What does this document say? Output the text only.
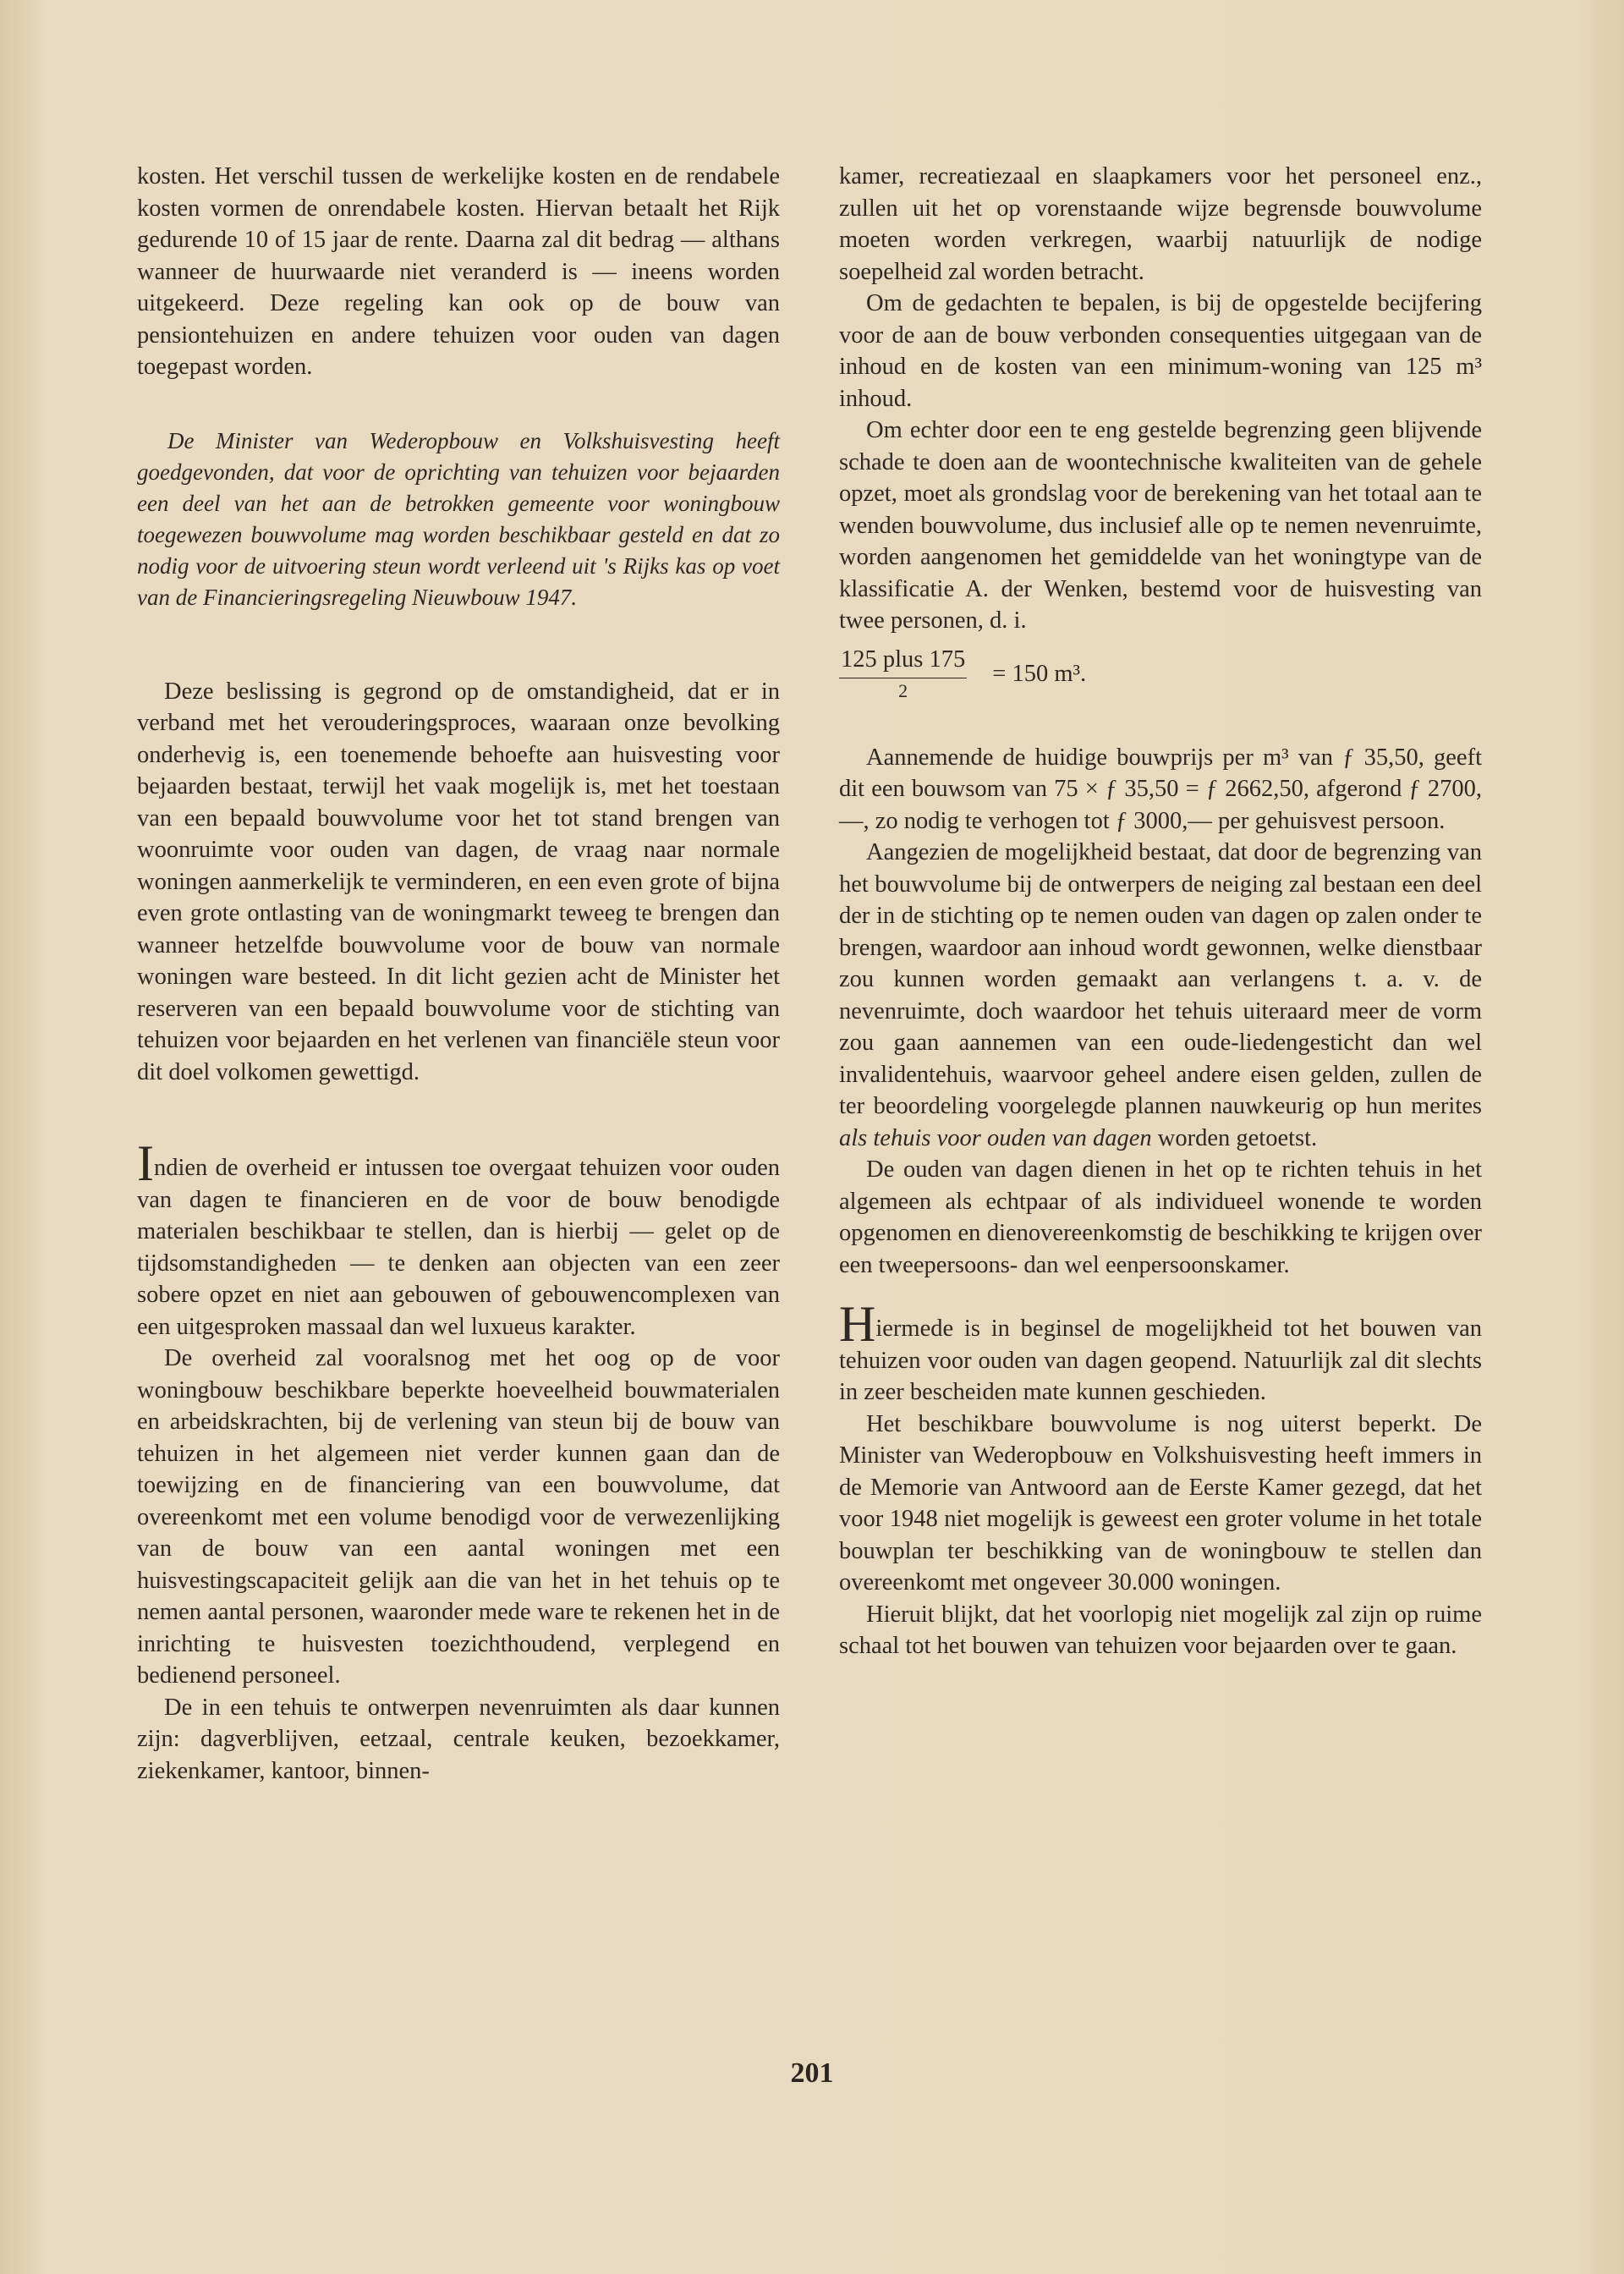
kosten. Het verschil tussen de werkelijke kosten en de rendabele kosten vormen de onrendabele kosten. Hiervan betaalt het Rijk gedurende 10 of 15 jaar de rente. Daarna zal dit bedrag — althans wanneer de huurwaarde niet veranderd is — ineens worden uitgekeerd. Deze regeling kan ook op de bouw van pensiontehuizen en andere tehuizen voor ouden van dagen toegepast worden.

De Minister van Wederopbouw en Volkshuisvesting heeft goedgevonden, dat voor de oprichting van tehuizen voor bejaarden een deel van het aan de betrokken gemeente voor woningbouw toegewezen bouwvolume mag worden beschikbaar gesteld en dat zo nodig voor de uitvoering steun wordt verleend uit 's Rijks kas op voet van de Financieringsregeling Nieuwbouw 1947.

Deze beslissing is gegrond op de omstandigheid, dat er in verband met het verouderingsproces, waaraan onze bevolking onderhevig is, een toenemende behoefte aan huisvesting voor bejaarden bestaat, terwijl het vaak mogelijk is, met het toestaan van een bepaald bouwvolume voor het tot stand brengen van woonruimte voor ouden van dagen, de vraag naar normale woningen aanmerkelijk te verminderen, en een even grote of bijna even grote ontlasting van de woningmarkt teweeg te brengen dan wanneer hetzelfde bouwvolume voor de bouw van normale woningen ware besteed. In dit licht gezien acht de Minister het reserveren van een bepaald bouwvolume voor de stichting van tehuizen voor bejaarden en het verlenen van financiële steun voor dit doel volkomen gewettigd.

Indien de overheid er intussen toe overgaat tehuizen voor ouden van dagen te financieren en de voor de bouw benodigde materialen beschikbaar te stellen, dan is hierbij — gelet op de tijdsomstandigheden — te denken aan objecten van een zeer sobere opzet en niet aan gebouwen of gebouwencomplexen van een uitgesproken massaal dan wel luxueus karakter.

De overheid zal vooralsnog met het oog op de voor woningbouw beschikbare beperkte hoeveelheid bouwmaterialen en arbeidskrachten, bij de verlening van steun bij de bouw van tehuizen in het algemeen niet verder kunnen gaan dan de toewijzing en de financiering van een bouwvolume, dat overeenkomt met een volume benodigd voor de verwezenlijking van de bouw van een aantal woningen met een huisvestingscapaciteit gelijk aan die van het in het tehuis op te nemen aantal personen, waaronder mede ware te rekenen het in de inrichting te huisvesten toezichthoudend, verplegend en bedienend personeel.

De in een tehuis te ontwerpen nevenruimten als daar kunnen zijn: dagverblijven, eetzaal, centrale keuken, bezoekkamer, ziekenkamer, kantoor, binnen-

kamer, recreatiezaal en slaapkamers voor het personeel enz., zullen uit het op vorenstaande wijze begrensde bouwvolume moeten worden verkregen, waarbij natuurlijk de nodige soepelheid zal worden betracht.

Om de gedachten te bepalen, is bij de opgestelde becijfering voor de aan de bouw verbonden consequenties uitgegaan van de inhoud en de kosten van een minimum-woning van 125 m³ inhoud.

Om echter door een te eng gestelde begrenzing geen blijvende schade te doen aan de woontechnische kwaliteiten van de gehele opzet, moet als grondslag voor de berekening van het totaal aan te wenden bouwvolume, dus inclusief alle op te nemen nevenruimte, worden aangenomen het gemiddelde van het woningtype van de klassificatie A. der Wenken, bestemd voor de huisvesting van twee personen, d. i.

$\frac{\text{125 plus 175}}{2} = 150$ m³.

Aannemende de huidige bouwprijs per m³ van ƒ 35,50, geeft dit een bouwsom van 75 × ƒ 35,50 = ƒ 2662,50, afgerond ƒ 2700,—, zo nodig te verhogen tot ƒ 3000,— per gehuisvest persoon.

Aangezien de mogelijkheid bestaat, dat door de begrenzing van het bouwvolume bij de ontwerpers de neiging zal bestaan een deel der in de stichting op te nemen ouden van dagen op zalen onder te brengen, waardoor aan inhoud wordt gewonnen, welke dienstbaar zou kunnen worden gemaakt aan verlangens t. a. v. de nevenruimte, doch waardoor het tehuis uiteraard meer de vorm zou gaan aannemen van een oude-liedengesticht dan wel invalidentehuis, waarvoor geheel andere eisen gelden, zullen de ter beoordeling voorgelegde plannen nauwkeurig op hun merites als tehuis voor ouden van dagen worden getoetst.

De ouden van dagen dienen in het op te richten tehuis in het algemeen als echtpaar of als individueel wonende te worden opgenomen en dienovereenkomstig de beschikking te krijgen over een tweepersoons- dan wel eenpersoonskamer.

Hiermede is in beginsel de mogelijkheid tot het bouwen van tehuizen voor ouden van dagen geopend. Natuurlijk zal dit slechts in zeer bescheiden mate kunnen geschieden.

Het beschikbare bouwvolume is nog uiterst beperkt. De Minister van Wederopbouw en Volkshuisvesting heeft immers in de Memorie van Antwoord aan de Eerste Kamer gezegd, dat het voor 1948 niet mogelijk is geweest een groter volume in het totale bouwplan ter beschikking van de woningbouw te stellen dan overeenkomt met ongeveer 30.000 woningen.

Hieruit blijkt, dat het voorlopig niet mogelijk zal zijn op ruime schaal tot het bouwen van tehuizen voor bejaarden over te gaan.

201
